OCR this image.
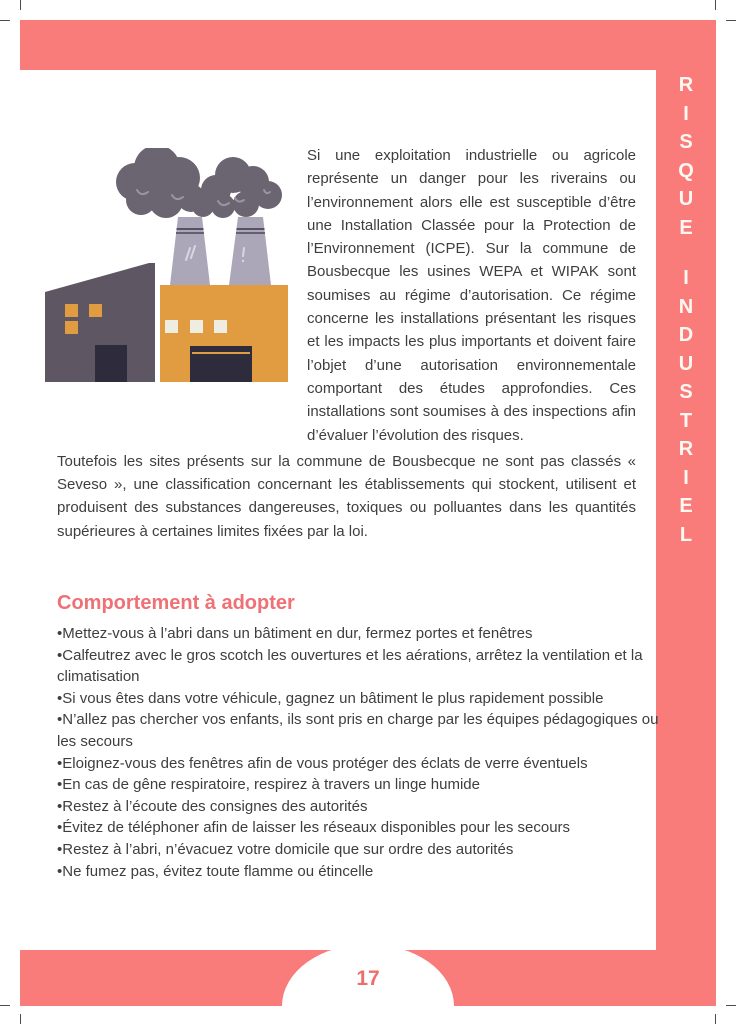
R
I
S
Q
U
E
I
N
D
U
S
T
R
I
E
L
17

Si une exploitation industrielle ou agricole représente un danger pour les riverains ou l’environnement alors elle est susceptible d’être une Installation Classée pour la Protection de l’Environnement (ICPE). Sur la commune de Bousbecque les usines WEPA et WIPAK sont soumises au régime d’autorisation. Ce régime concerne les installations présentant les risques et les impacts les plus importants et doivent faire l’objet d’une autorisation environnementale comportant des études approfondies. Ces installations sont soumises à des inspections afin d’évaluer l’évolution des risques.

Toutefois les sites présents sur la commune de Bousbecque ne sont pas classés « Seveso », une classification concernant les établissements qui stockent, utilisent et produisent des substances dangereuses, toxiques ou polluantes dans les quantités supérieures à certaines limites fixées par la loi.

Comportement à adopter
• Mettez-vous à l’abri dans un bâtiment en dur, fermez portes et fenêtres
• Calfeutrez avec le gros scotch les ouvertures et les aérations, arrêtez la ventilation et la climatisation
• Si vous êtes dans votre véhicule, gagnez un bâtiment le plus rapidement possible
• N’allez pas chercher vos enfants, ils sont pris en charge par les équipes pédagogiques ou les secours
• Eloignez-vous des fenêtres afin de vous protéger des éclats de verre éventuels
• En cas de gêne respiratoire, respirez à travers un linge humide
• Restez à l’écoute des consignes des autorités
• Évitez de téléphoner afin de laisser les réseaux disponibles pour les secours
• Restez à l’abri, n’évacuez votre domicile que sur ordre des autorités
• Ne fumez pas, évitez toute flamme ou étincelle
